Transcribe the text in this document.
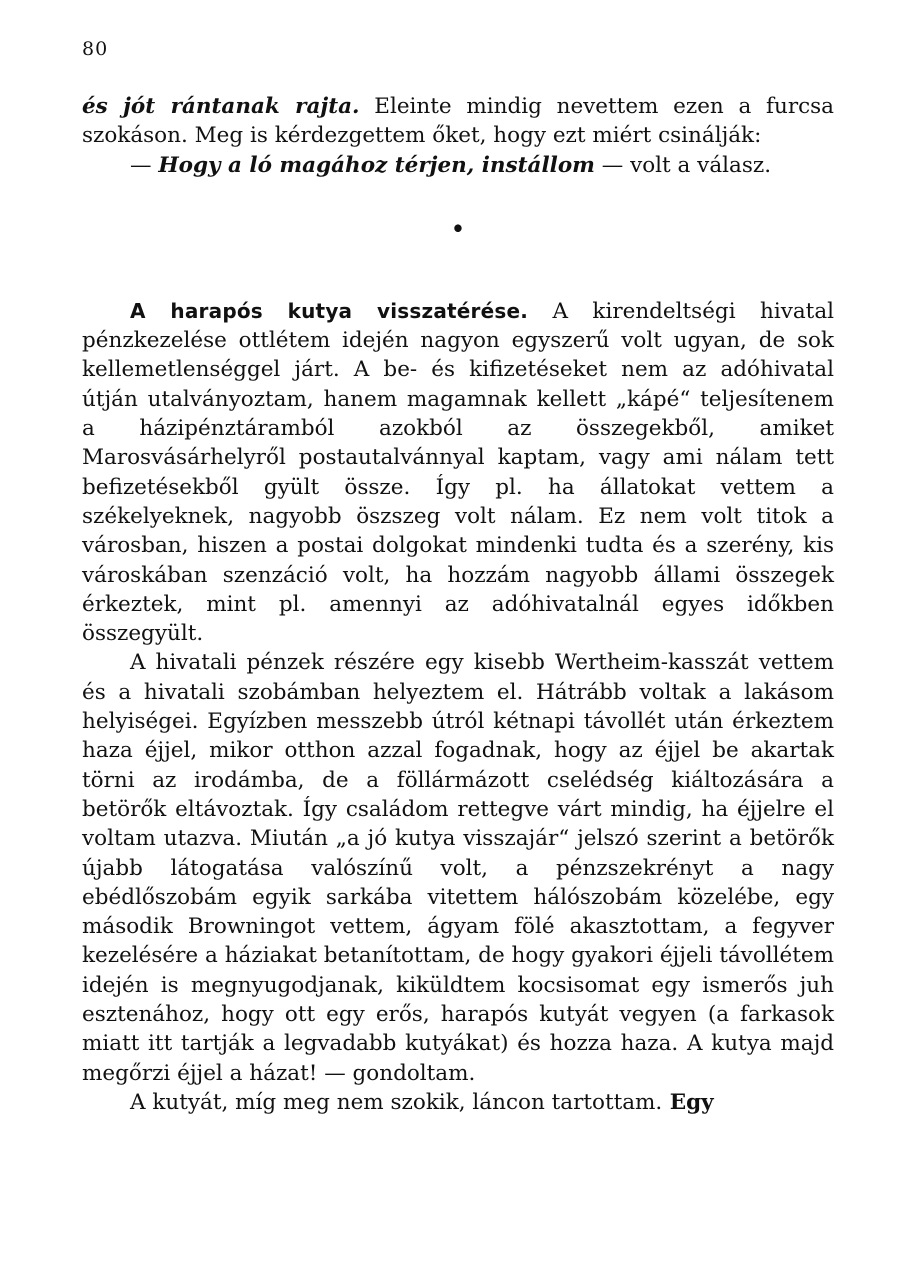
80

és jót rántanak rajta. Eleinte mindig nevettem ezen a furcsa szokáson. Meg is kérdezgettem őket, hogy ezt miért csinálják:

— Hogy a ló magához térjen, instállom — volt a válasz.

•

A harapós kutya visszatérése. A kirendeltségi hivatal pénzkezelése ottlétem idején nagyon egyszerű volt ugyan, de sok kellemetlenséggel járt. A be- és kifizetéseket nem az adóhivatal útján utalványoztam, hanem magamnak kellett „kápé“ teljesítenem a házipénztáramból azokból az összegekből, amiket Marosvásárhelyről postautalvánnyal kaptam, vagy ami nálam tett befizetésekből gyült össze. Így pl. ha állatokat vettem a székelyeknek, nagyobb öszszeg volt nálam. Ez nem volt titok a városban, hiszen a postai dolgokat mindenki tudta és a szerény, kis városkában szenzáció volt, ha hozzám nagyobb állami összegek érkeztek, mint pl. amennyi az adóhivatalnál egyes időkben összegyült.

A hivatali pénzek részére egy kisebb Wertheim-kasszát vettem és a hivatali szobámban helyeztem el. Hátrább voltak a lakásom helyiségei. Egyízben messzebb útról kétnapi távollét után érkeztem haza éjjel, mikor otthon azzal fogadnak, hogy az éjjel be akartak törni az irodámba, de a föllármázott cselédség kiáltozására a betörők eltávoztak. Így családom rettegve várt mindig, ha éjjelre el voltam utazva. Miután „a jó kutya visszajár“ jelszó szerint a betörők újabb látogatása valószínű volt, a pénzszekrényt a nagy ebédlőszobám egyik sarkába vitettem hálószobám közelébe, egy második Browningot vettem, ágyam fölé akasztottam, a fegyver kezelésére a háziakat betanítottam, de hogy gyakori éjjeli távollétem idején is megnyugodjanak, kiküldtem kocsisomat egy ismerős juh esztenához, hogy ott egy erős, harapós kutyát vegyen (a farkasok miatt itt tartják a legvadabb kutyákat) és hozza haza. A kutya majd megőrzi éjjel a házat! — gondoltam.

A kutyát, míg meg nem szokik, láncon tartottam. Egy
